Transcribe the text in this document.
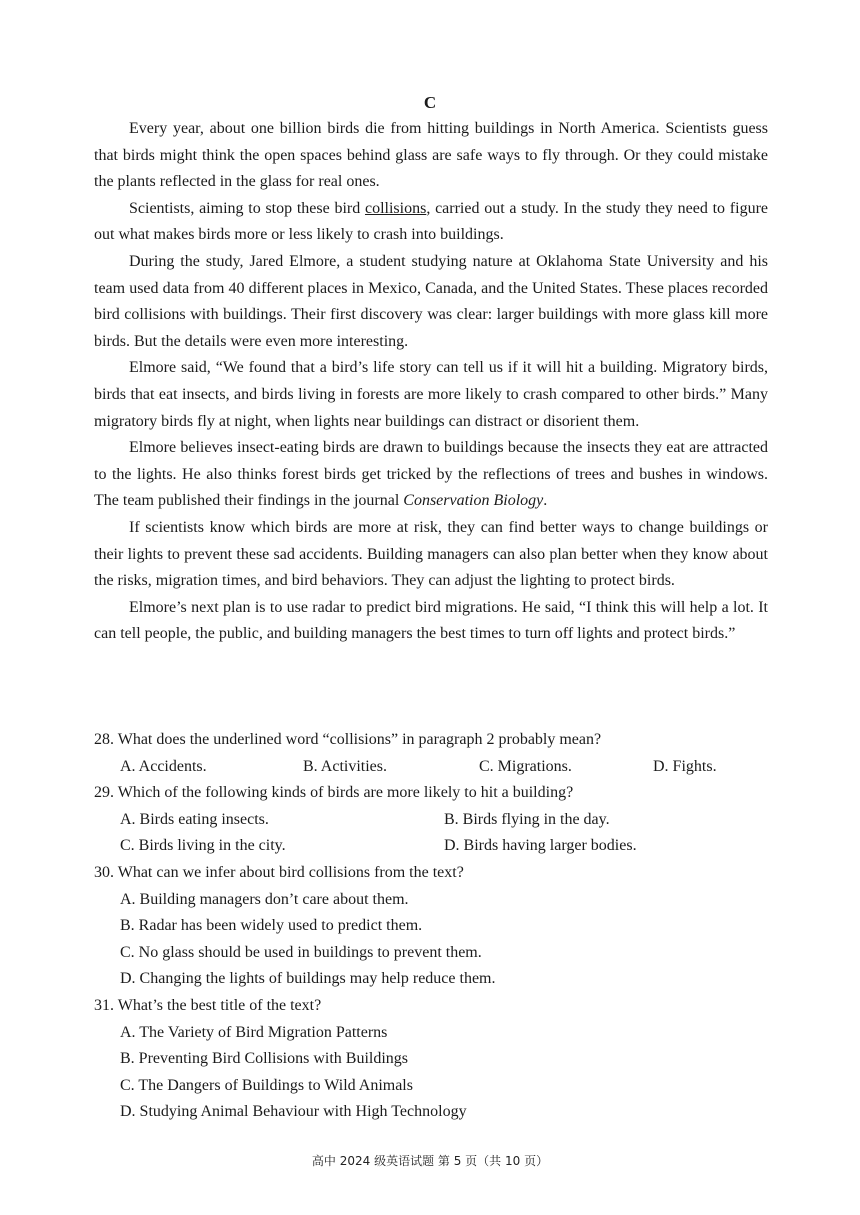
C

Every year, about one billion birds die from hitting buildings in North America. Scientists guess that birds might think the open spaces behind glass are safe ways to fly through. Or they could mistake the plants reflected in the glass for real ones.

Scientists, aiming to stop these bird collisions, carried out a study. In the study they need to figure out what makes birds more or less likely to crash into buildings.

During the study, Jared Elmore, a student studying nature at Oklahoma State University and his team used data from 40 different places in Mexico, Canada, and the United States. These places recorded bird collisions with buildings. Their first discovery was clear: larger buildings with more glass kill more birds. But the details were even more interesting.

Elmore said, “We found that a bird’s life story can tell us if it will hit a building. Migratory birds, birds that eat insects, and birds living in forests are more likely to crash compared to other birds.” Many migratory birds fly at night, when lights near buildings can distract or disorient them.

Elmore believes insect-eating birds are drawn to buildings because the insects they eat are attracted to the lights. He also thinks forest birds get tricked by the reflections of trees and bushes in windows. The team published their findings in the journal Conservation Biology.

If scientists know which birds are more at risk, they can find better ways to change buildings or their lights to prevent these sad accidents. Building managers can also plan better when they know about the risks, migration times, and bird behaviors. They can adjust the lighting to protect birds.

Elmore’s next plan is to use radar to predict bird migrations. He said, “I think this will help a lot. It can tell people, the public, and building managers the best times to turn off lights and protect birds.”

28. What does the underlined word “collisions” in paragraph 2 probably mean?

A. Accidents.	B. Activities.	C. Migrations.	D. Fights.

29. Which of the following kinds of birds are more likely to hit a building?

A. Birds eating insects.	B. Birds flying in the day.
C. Birds living in the city.	D. Birds having larger bodies.

30. What can we infer about bird collisions from the text?

A. Building managers don’t care about them.
B. Radar has been widely used to predict them.
C. No glass should be used in buildings to prevent them.
D. Changing the lights of buildings may help reduce them.

31. What’s the best title of the text?

A. The Variety of Bird Migration Patterns
B. Preventing Bird Collisions with Buildings
C. The Dangers of Buildings to Wild Animals
D. Studying Animal Behaviour with High Technology
高中 2024 级英语试题 第 5 页（共 10 页）
